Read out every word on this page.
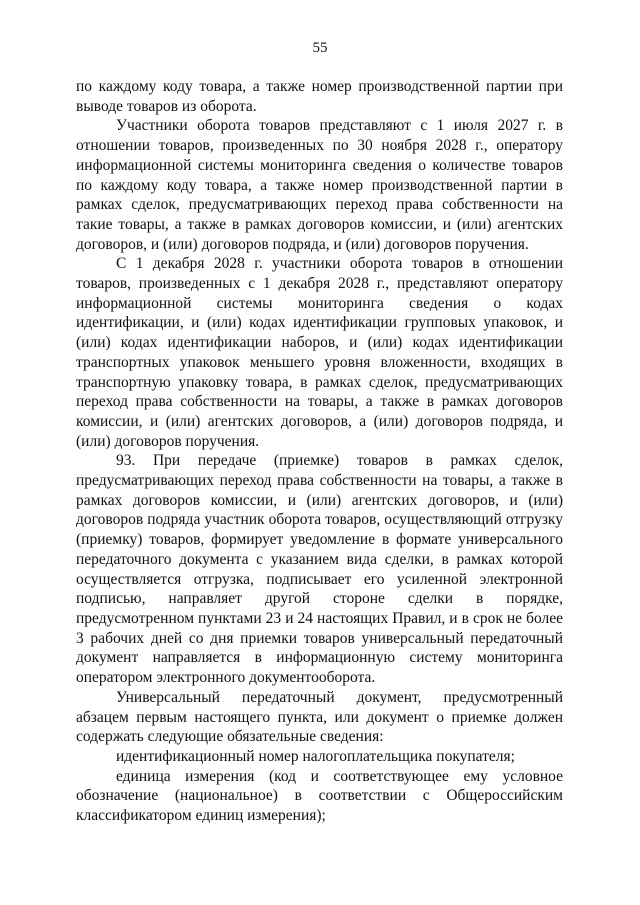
55

по каждому коду товара, а также номер производственной партии при выводе товаров из оборота.

Участники оборота товаров представляют с 1 июля 2027 г. в отношении товаров, произведенных по 30 ноября 2028 г., оператору информационной системы мониторинга сведения о количестве товаров по каждому коду товара, а также номер производственной партии в рамках сделок, предусматривающих переход права собственности на такие товары, а также в рамках договоров комиссии, и (или) агентских договоров, и (или) договоров подряда, и (или) договоров поручения.

С 1 декабря 2028 г. участники оборота товаров в отношении товаров, произведенных с 1 декабря 2028 г., представляют оператору информационной системы мониторинга сведения о кодах идентификации, и (или) кодах идентификации групповых упаковок, и (или) кодах идентификации наборов, и (или) кодах идентификации транспортных упаковок меньшего уровня вложенности, входящих в транспортную упаковку товара, в рамках сделок, предусматривающих переход права собственности на товары, а также в рамках договоров комиссии, и (или) агентских договоров, а (или) договоров подряда, и (или) договоров поручения.

93. При передаче (приемке) товаров в рамках сделок, предусматривающих переход права собственности на товары, а также в рамках договоров комиссии, и (или) агентских договоров, и (или) договоров подряда участник оборота товаров, осуществляющий отгрузку (приемку) товаров, формирует уведомление в формате универсального передаточного документа с указанием вида сделки, в рамках которой осуществляется отгрузка, подписывает его усиленной электронной подписью, направляет другой стороне сделки в порядке, предусмотренном пунктами 23 и 24 настоящих Правил, и в срок не более 3 рабочих дней со дня приемки товаров универсальный передаточный документ направляется в информационную систему мониторинга оператором электронного документооборота.

Универсальный передаточный документ, предусмотренный абзацем первым настоящего пункта, или документ о приемке должен содержать следующие обязательные сведения:

идентификационный номер налогоплательщика покупателя;

единица измерения (код и соответствующее ему условное обозначение (национальное) в соответствии с Общероссийским классификатором единиц измерения);
